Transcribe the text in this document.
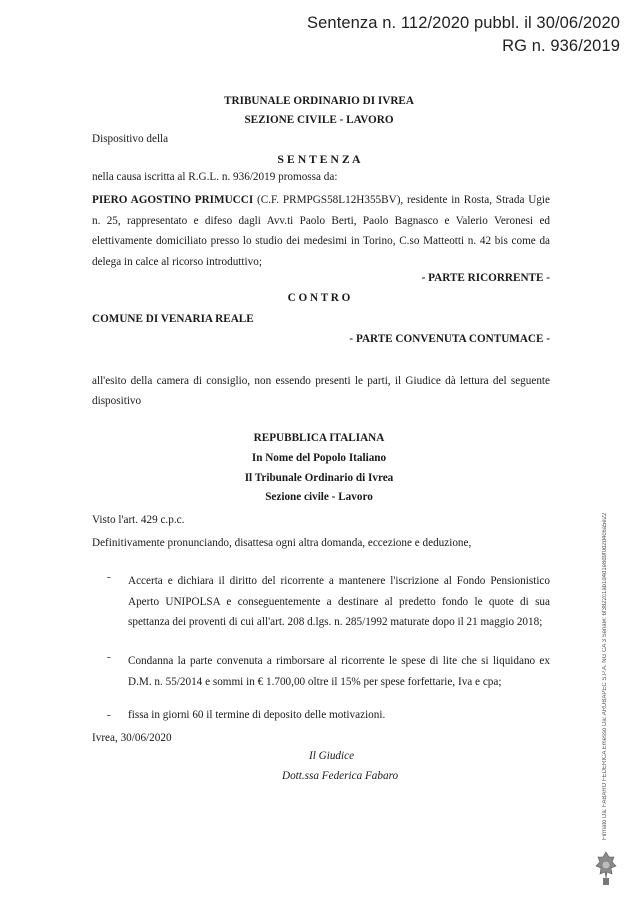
Sentenza n. 112/2020 pubbl. il 30/06/2020
RG n. 936/2019
TRIBUNALE ORDINARIO DI IVREA
SEZIONE CIVILE - LAVORO
Dispositivo della
S E N T E N Z A
nella causa iscritta al R.G.L. n. 936/2019 promossa da:
PIERO AGOSTINO PRIMUCCI (C.F. PRMPGS58L12H355BV), residente in Rosta, Strada Ugie n. 25, rappresentato e difeso dagli Avv.ti Paolo Berti, Paolo Bagnasco e Valerio Veronesi ed elettivamente domiciliato presso lo studio dei medesimi in Torino, C.so Matteotti n. 42 bis come da delega in calce al ricorso introduttivo;
- PARTE RICORRENTE -
C O N T R O
COMUNE DI VENARIA REALE
- PARTE CONVENUTA CONTUMACE -
all'esito della camera di consiglio, non essendo presenti le parti, il Giudice dà lettura del seguente dispositivo
REPUBBLICA ITALIANA
In Nome del Popolo Italiano
Il Tribunale Ordinario di Ivrea
Sezione civile - Lavoro
Visto l'art. 429 c.p.c.
Definitivamente pronunciando, disattesa ogni altra domanda, eccezione e deduzione,
- Accerta e dichiara il diritto del ricorrente a mantenere l'iscrizione al Fondo Pensionistico Aperto UNIPOLSA e conseguentemente a destinare al predetto fondo le quote di sua spettanza dei proventi di cui all'art. 208 d.lgs. n. 285/1992 maturate dopo il 21 maggio 2018;
- Condanna la parte convenuta a rimborsare al ricorrente le spese di lite che si liquidano ex D.M. n. 55/2014 e sommi in € 1.700,00 oltre il 15% per spese forfettarie, Iva e cpa;
- fissa in giorni 60 il termine di deposito delle motivazioni.
Ivrea, 30/06/2020
Il Giudice
Dott.ssa Federica Fabaro	Firmato Da: FABARO FEDERICA Emesso Da: ARUBAPEC S.P.A. NG CA 3 Serial#: 6f3822c1ab1d4d1e8d9f0d2d4c6a5e22
